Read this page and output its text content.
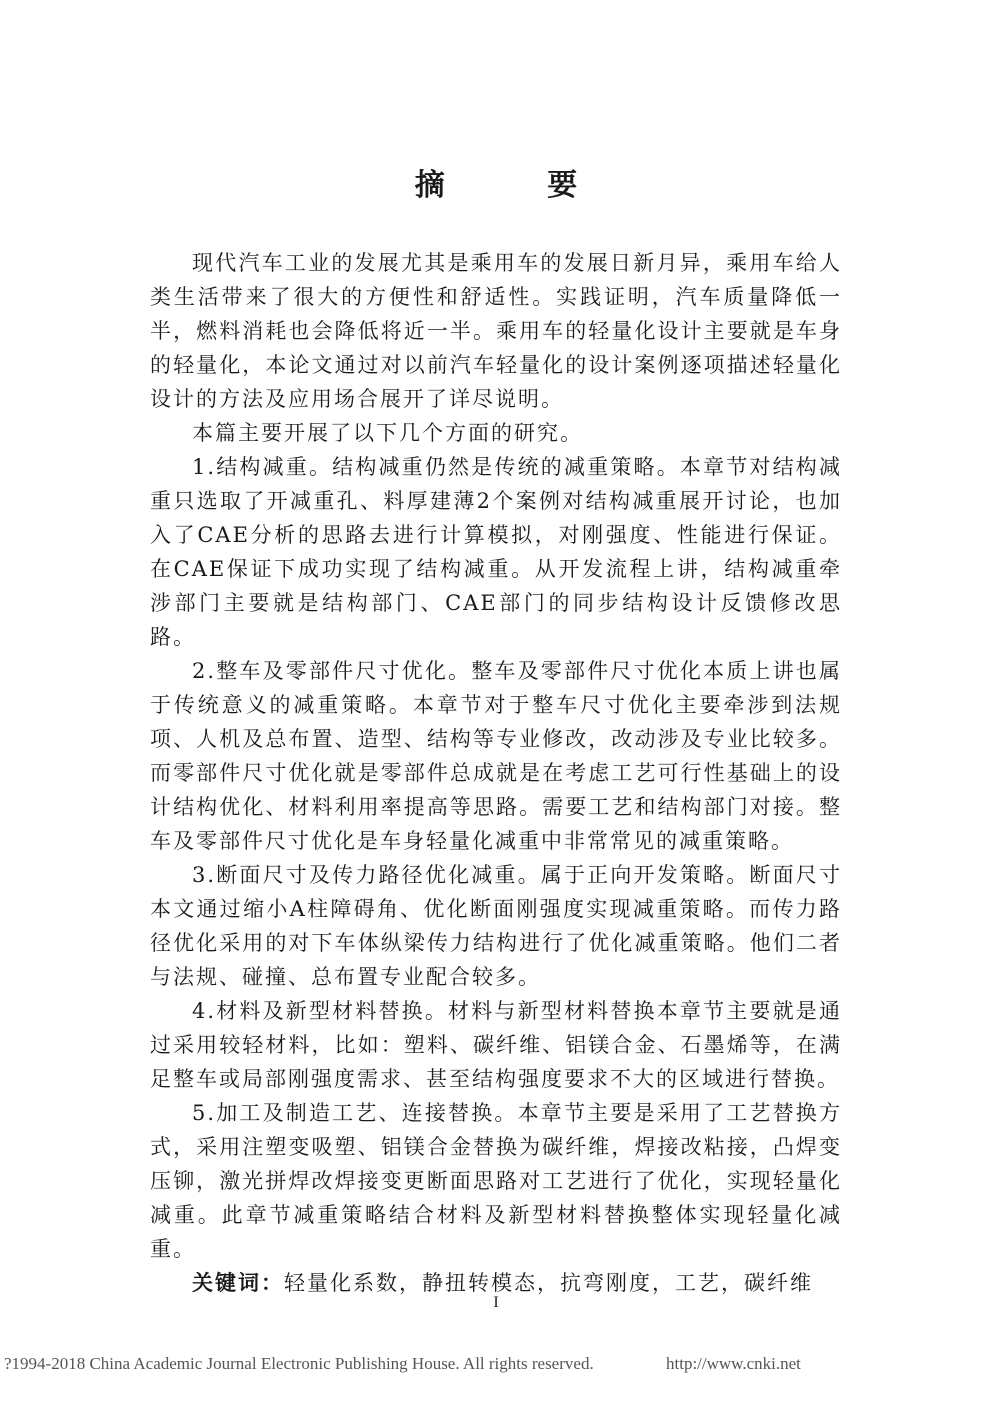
摘 要

现代汽车工业的发展尤其是乘用车的发展日新月异，乘用车给人类生活带来了很大的方便性和舒适性。实践证明，汽车质量降低一半，燃料消耗也会降低将近一半。乘用车的轻量化设计主要就是车身的轻量化，本论文通过对以前汽车轻量化的设计案例逐项描述轻量化设计的方法及应用场合展开了详尽说明。

本篇主要开展了以下几个方面的研究。

1.结构减重。结构减重仍然是传统的减重策略。本章节对结构减重只选取了开减重孔、料厚建薄2个案例对结构减重展开讨论，也加入了CAE分析的思路去进行计算模拟，对刚强度、性能进行保证。在CAE保证下成功实现了结构减重。从开发流程上讲，结构减重牵涉部门主要就是结构部门、CAE部门的同步结构设计反馈修改思路。

2.整车及零部件尺寸优化。整车及零部件尺寸优化本质上讲也属于传统意义的减重策略。本章节对于整车尺寸优化主要牵涉到法规项、人机及总布置、造型、结构等专业修改，改动涉及专业比较多。而零部件尺寸优化就是零部件总成就是在考虑工艺可行性基础上的设计结构优化、材料利用率提高等思路。需要工艺和结构部门对接。整车及零部件尺寸优化是车身轻量化减重中非常常见的减重策略。

3.断面尺寸及传力路径优化减重。属于正向开发策略。断面尺寸本文通过缩小A柱障碍角、优化断面刚强度实现减重策略。而传力路径优化采用的对下车体纵梁传力结构进行了优化减重策略。他们二者与法规、碰撞、总布置专业配合较多。

4.材料及新型材料替换。材料与新型材料替换本章节主要就是通过采用较轻材料，比如：塑料、碳纤维、铝镁合金、石墨烯等，在满足整车或局部刚强度需求、甚至结构强度要求不大的区域进行替换。

5.加工及制造工艺、连接替换。本章节主要是采用了工艺替换方式，采用注塑变吸塑、铝镁合金替换为碳纤维，焊接改粘接，凸焊变压铆，激光拼焊改焊接变更断面思路对工艺进行了优化，实现轻量化减重。此章节减重策略结合材料及新型材料替换整体实现轻量化减重。

关键词：轻量化系数，静扭转模态，抗弯刚度，工艺，碳纤维

I
?1994-2018 China Academic Journal Electronic Publishing House. All rights reserved.	http://www.cnki.net
